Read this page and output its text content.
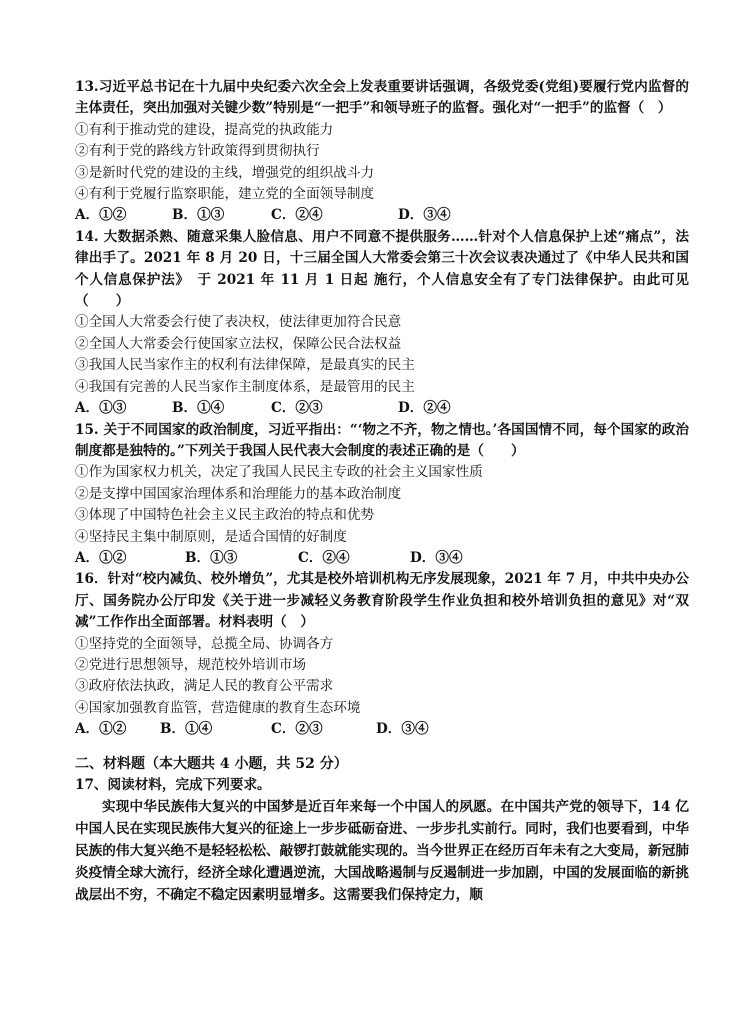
13.习近平总书记在十九届中央纪委六次全会上发表重要讲话强调，各级党委(党组)要履行党内监督的主体责任，突出加强对关键少数”特别是“一把手”和领导班子的监督。强化对“一把手”的监督（　）

①有利于推动党的建设，提高党的执政能力

②有利于党的路线方针政策得到贯彻执行

③是新时代党的建设的主线，增强党的组织战斗力

④有利于党履行监察职能，建立党的全面领导制度

A．①②	B．①③	C．②④	D．③④

14. 大数据杀熟、随意采集人脸信息、用户不同意不提供服务……针对个人信息保护上述“痛点”，法律出手了。2021 年 8 月 20 日，十三届全国人大常委会第三十次会议表决通过了《中华人民共和国个人信息保护法》　于 2021 年 11 月 1 日起 施行，个人信息安全有了专门法律保护。由此可见（　　）

①全国人大常委会行使了表决权，使法律更加符合民意

②全国人大常委会行使国家立法权，保障公民合法权益

③我国人民当家作主的权利有法律保障，是最真实的民主

④我国有完善的人民当家作主制度体系，是最管用的民主

A．①③	B．①④	C．②③	D．②④

15. 关于不同国家的政治制度，习近平指出：“‘物之不齐，物之情也。’各国国情不同，每个国家的政治制度都是独特的。”下列关于我国人民代表大会制度的表述正确的是（　　）

①作为国家权力机关，决定了我国人民民主专政的社会主义国家性质

②是支撑中国国家治理体系和治理能力的基本政治制度

③体现了中国特色社会主义民主政治的特点和优势

④坚持民主集中制原则，是适合国情的好制度

A．①②	B．①③	C．②④	D．③④

16．针对“校内减负、校外增负”，尤其是校外培训机构无序发展现象，2021 年 7 月，中共中央办公厅、国务院办公厅印发《关于进一步减轻义务教育阶段学生作业负担和校外培训负担的意见》对“双减”工作作出全面部署。材料表明（　）

①坚持党的全面领导，总揽全局、协调各方

②党进行思想领导，规范校外培训市场

③政府依法执政，满足人民的教育公平需求

④国家加强教育监管，营造健康的教育生态环境

A．①②	B．①④	C．②③	D．③④

二、材料题（本大题共 4 小题，共 52 分）

17、阅读材料，完成下列要求。

实现中华民族伟大复兴的中国梦是近百年来每一个中国人的夙愿。在中国共产党的领导下，14 亿中国人民在实现民族伟大复兴的征途上一步步砥砺奋进、一步步扎实前行。同时，我们也要看到，中华民族的伟大复兴绝不是轻轻松松、敲锣打鼓就能实现的。当今世界正在经历百年未有之大变局，新冠肺炎疫情全球大流行，经济全球化遭遇逆流，大国战略遏制与反遏制进一步加剧，中国的发展面临的新挑战层出不穷，不确定不稳定因素明显增多。这需要我们保持定力，顺
